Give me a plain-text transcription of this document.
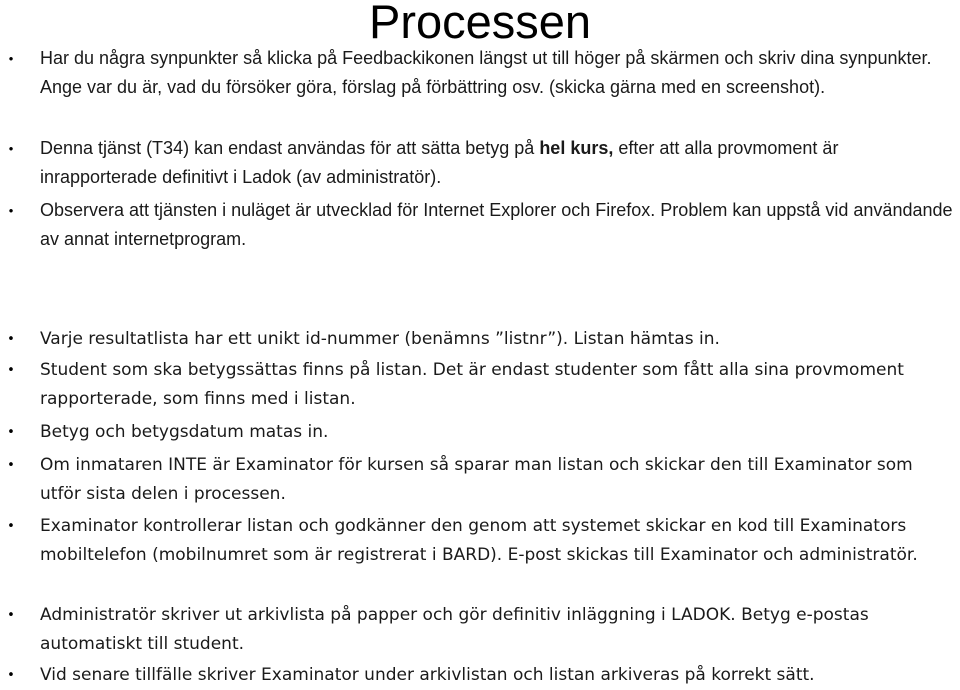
Processen
• Har du några synpunkter så klicka på Feedbackikonen längst ut till höger på skärmen och skriv dina synpunkter. Ange var du är, vad du försöker göra, förslag på förbättring osv. (skicka gärna med en screenshot).
• Denna tjänst (T34) kan endast användas för att sätta betyg på hel kurs, efter att alla provmoment är inrapporterade definitivt i Ladok (av administratör).
• Observera att tjänsten i nuläget är utvecklad för Internet Explorer och Firefox. Problem kan uppstå vid användande av annat internetprogram.
• Varje resultatlista har ett unikt id-nummer (benämns ”listnr”). Listan hämtas in.
• Student som ska betygssättas finns på listan. Det är endast studenter som fått alla sina provmoment rapporterade, som finns med i listan.
• Betyg och betygsdatum matas in.
• Om inmataren INTE är Examinator för kursen så sparar man listan och skickar den till Examinator som utför sista delen i processen.
• Examinator kontrollerar listan och godkänner den genom att systemet skickar en kod till Examinators mobiltelefon (mobilnumret som är registrerat i BARD). E-post skickas till Examinator och administratör.
• Administratör skriver ut arkivlista på papper och gör definitiv inläggning i LADOK. Betyg e-postas automatiskt till student.
• Vid senare tillfälle skriver Examinator under arkivlistan och listan arkiveras på korrekt sätt.
